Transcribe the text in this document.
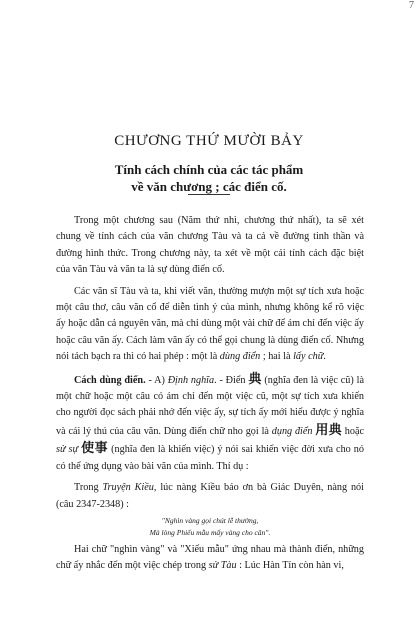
7
CHƯƠNG THỨ MƯỜI BẢY
Tính cách chính của các tác phẩm
về văn chương ; các điển cố.

Trong một chương sau (Năm thứ nhì, chương thứ nhất), ta sẽ xét chung về tính cách của văn chương Tàu và ta cả về đường tinh thần và đường hình thức. Trong chương này, ta xét về một cái tính cách đặc biệt của văn Tàu và văn ta là sự dùng điển cố.

Các văn sĩ Tàu và ta, khi viết văn, thường mượn một sự tích xưa hoặc một câu thơ, câu văn cổ để diễn tình ý của mình, nhưng không kể rõ việc ấy hoặc dẫn cả nguyên văn, mà chỉ dùng một vài chữ để ám chỉ đến việc ấy hoặc câu văn ấy. Cách làm văn ấy có thể gọi chung là dùng điển cố. Nhưng nói tách bạch ra thì có hai phép : một là dùng điển ; hai là lấy chữ.

Cách dùng điển. - A) Định nghĩa. - Điển 典 (nghĩa đen là việc cũ) là một chữ hoặc một câu có ám chỉ đến một việc cũ, một sự tích xưa khiến cho người đọc sách phải nhớ đến việc ấy, sự tích ấy mới hiểu được ý nghĩa và cái lý thú của câu văn. Dùng điển chữ nho gọi là dụng điển 用典 hoặc sử sự 使事 (nghĩa đen là khiến việc) ý nói sai khiến việc đời xưa cho nó có thể ứng dụng vào bài văn của mình. Thí dụ :

Trong Truyện Kiều, lúc nàng Kiều báo ơn bà Giác Duyên, nàng nói (câu 2347-2348) :

"Nghìn vàng gọi chút lễ thường,
Mà lòng Phiếu mẫu mấy vàng cho cân".

Hai chữ "nghìn vàng" và "Xiếu mẫu" ứng nhau mà thành điển, những chữ ấy nhắc đến một việc chép trong sử Tàu : Lúc Hàn Tín còn hàn vi,
